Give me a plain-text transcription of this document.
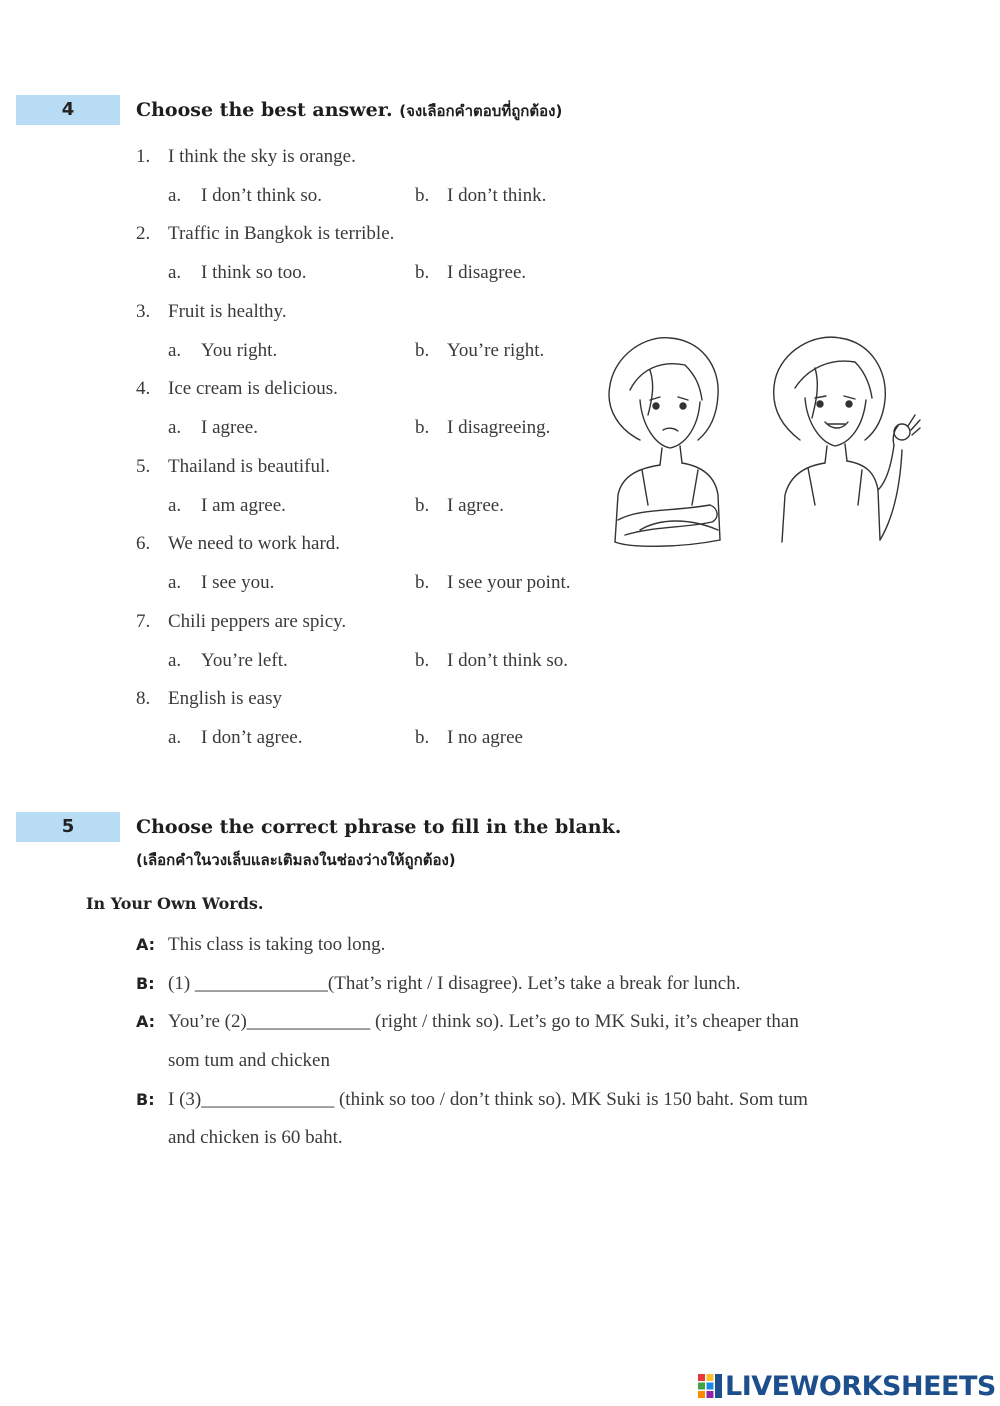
4	Choose the best answer. (จงเลือกคำตอบที่ถูกต้อง)
1. I think the sky is orange.
a. I don’t think so.	b. I don’t think.
2. Traffic in Bangkok is terrible.
a. I think so too.	b. I disagree.
3. Fruit is healthy.
a. You right.	b. You’re right.
4. Ice cream is delicious.
a. I agree.	b. I disagreeing.
5. Thailand is beautiful.
a. I am agree.	b. I agree.
6. We need to work hard.
a. I see you.	b. I see your point.
7. Chili peppers are spicy.
a. You’re left.	b. I don’t think so.
8. English is easy
a. I don’t agree.	b. I no agree
5	Choose the correct phrase to fill in the blank.
(เลือกคำในวงเล็บและเติมลงในช่องว่างให้ถูกต้อง)
In Your Own Words.
A: This class is taking too long.
B: (1) ______________(That’s right / I disagree). Let’s take a break for lunch.
A: You’re (2)_____________ (right / think so). Let’s go to MK Suki, it’s cheaper than
som tum and chicken
B: I (3)______________ (think so too / don’t think so). MK Suki is 150 baht. Som tum
and chicken is 60 baht.
LIVEWORKSHEETS
